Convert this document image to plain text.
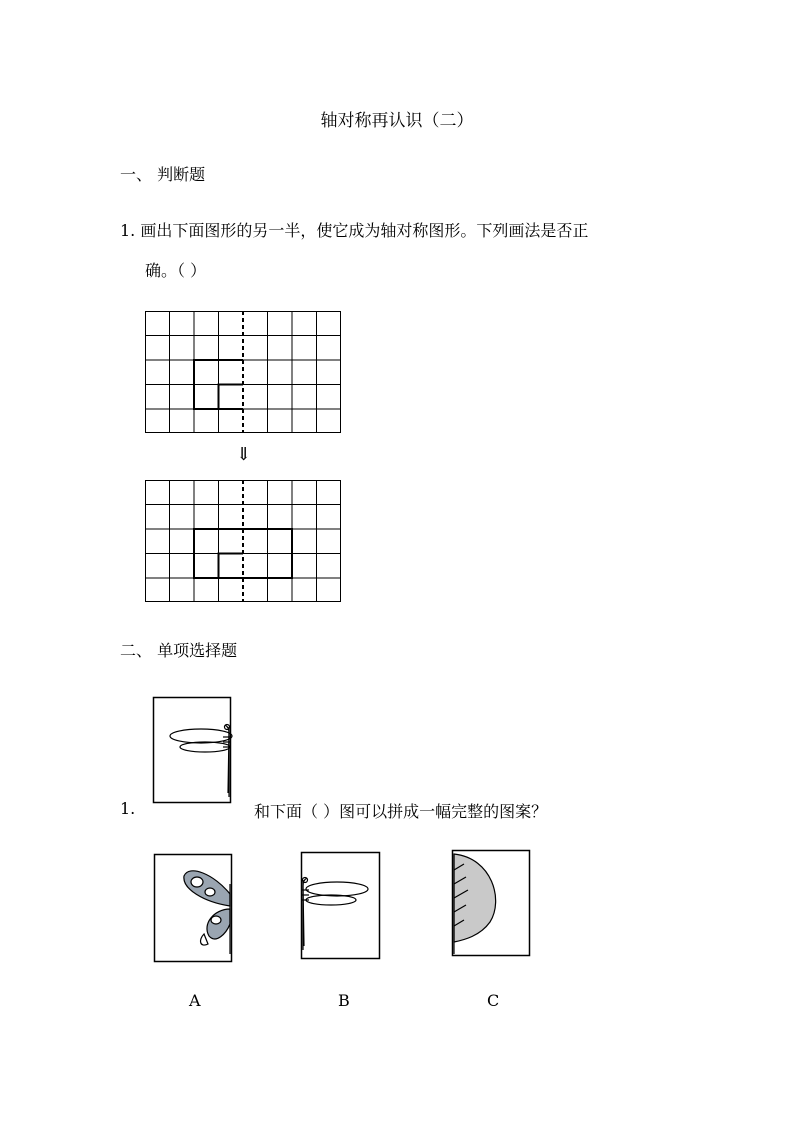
轴对称再认识（二）
一、 判断题
1. 画出下面图形的另一半，使它成为轴对称图形。下列画法是否正
确。（ ）
⇓
二、 单项选择题
1.	和下面（ ）图可以拼成一幅完整的图案？
A	B	C
